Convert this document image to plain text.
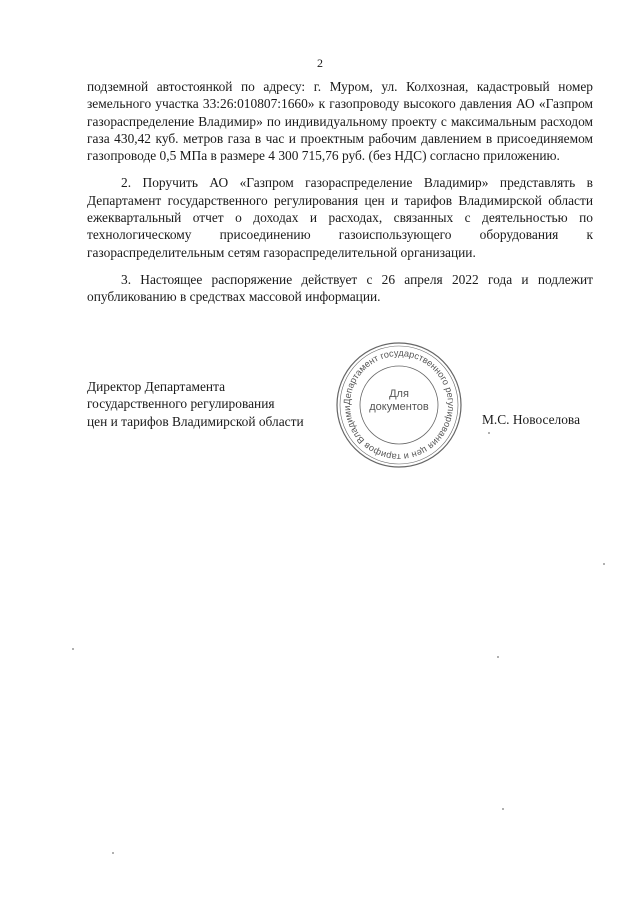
2

подземной автостоянкой по адресу: г. Муром, ул. Колхозная, кадастровый номер земельного участка 33:26:010807:1660» к газопроводу высокого давления АО «Газпром газораспределение Владимир» по индивидуальному проекту с максимальным расходом газа 430,42 куб. метров газа в час и проектным рабочим давлением в присоединяемом газопроводе 0,5 МПа в размере 4 300 715,76 руб. (без НДС) согласно приложению.

2. Поручить АО «Газпром газораспределение Владимир» представлять в Департамент государственного регулирования цен и тарифов Владимирской области ежеквартальный отчет о доходах и расходах, связанных с деятельностью по технологическому присоединению газоиспользующего оборудования к газораспределительным сетям газораспределительной организации.

3. Настоящее распоряжение действует с 26 апреля 2022 года и подлежит опубликованию в средствах массовой информации.

Директор Департамента
государственного регулирования
цен и тарифов Владимирской области
Департамент государственного регулирования цен и тарифов Владими
Для
документов
М.С. Новоселова
